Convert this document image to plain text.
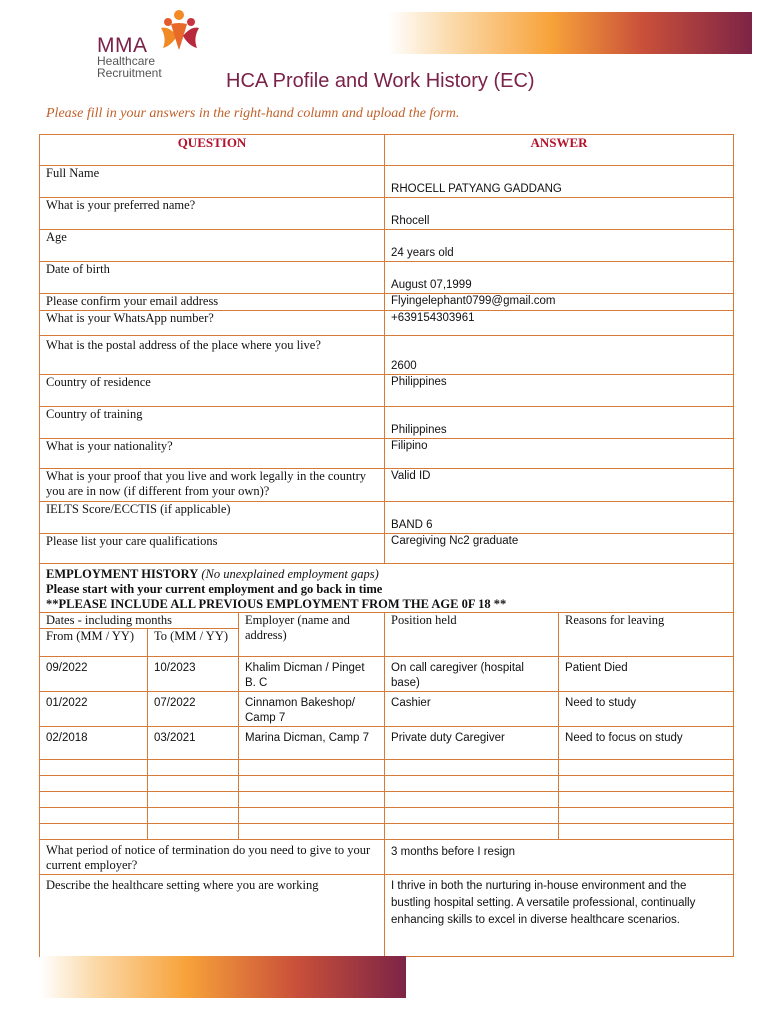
MMA
Healthcare
Recruitment	HCA Profile and Work History (EC)
Please fill in your answers in the right-hand column and upload the form.
QUESTION			ANSWER	
Full Name			RHOCELL PATYANG GADDANG	
What is your preferred name?			Rhocell	
Age			24 years old	
Date of birth			August 07,1999	
Please confirm your email address			Flyingelephant0799@gmail.com	
What is your WhatsApp number?			+639154303961	
What is the postal address of the place where you live?			2600	
Country of residence			Philippines	
Country of training			Philippines	
What is your nationality?			Filipino	
What is your proof that you live and work legally in the country you are in now (if different from your own)?			Valid ID	
IELTS Score/ECCTIS (if applicable)			BAND 6	
Please list your care qualifications			Caregiving Nc2 graduate	
EMPLOYMENT HISTORY (No unexplained employment gaps)
Please start with your current employment and go back in time
**PLEASE INCLUDE ALL PREVIOUS EMPLOYMENT FROM THE AGE 0F 18 **				
Dates - including months		Employer (name and address)	Position held	Reasons for leaving
From (MM / YY)	To (MM / YY)			
09/2022	10/2023	Khalim Dicman / Pinget B. C	On call caregiver (hospital base)	Patient Died
01/2022	07/2022	Cinnamon Bakeshop/ Camp 7	Cashier	Need to study
02/2018	03/2021	Marina Dicman, Camp 7	Private duty Caregiver	Need to focus on study

What period of notice of termination do you need to give to your current employer?			3 months before I resign	
Describe the healthcare setting where you are working			I thrive in both the nurturing in-house environment and the bustling hospital setting. A versatile professional, continually enhancing skills to excel in diverse healthcare scenarios.	
